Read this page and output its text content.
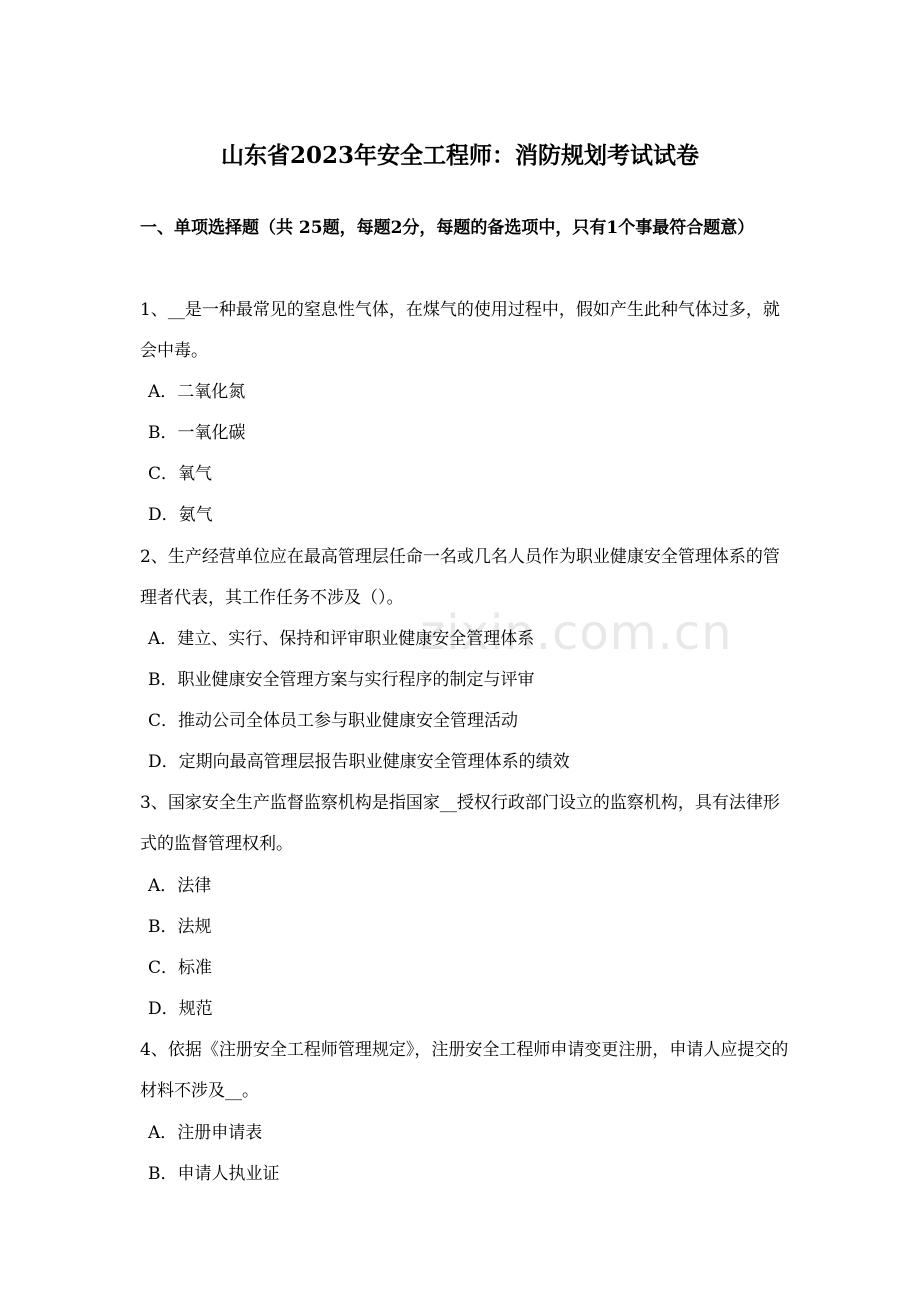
zixin.com.cn
山东省2023年安全工程师：消防规划考试试卷
一、单项选择题（共 25题，每题2分，每题的备选项中，只有1个事最符合题意）
1、__是一种最常见的窒息性气体，在煤气的使用过程中，假如产生此种气体过多，就会中毒。
A．二氧化氮
B．一氧化碳
C．氧气
D．氨气
2、生产经营单位应在最高管理层任命一名或几名人员作为职业健康安全管理体系的管理者代表，其工作任务不涉及（）。
A．建立、实行、保持和评审职业健康安全管理体系
B．职业健康安全管理方案与实行程序的制定与评审
C．推动公司全体员工参与职业健康安全管理活动
D．定期向最高管理层报告职业健康安全管理体系的绩效
3、国家安全生产监督监察机构是指国家__授权行政部门设立的监察机构，具有法律形式的监督管理权利。
A．法律
B．法规
C．标准
D．规范
4、依据《注册安全工程师管理规定》，注册安全工程师申请变更注册，申请人应提交的材料不涉及__。
A．注册申请表
B．申请人执业证
